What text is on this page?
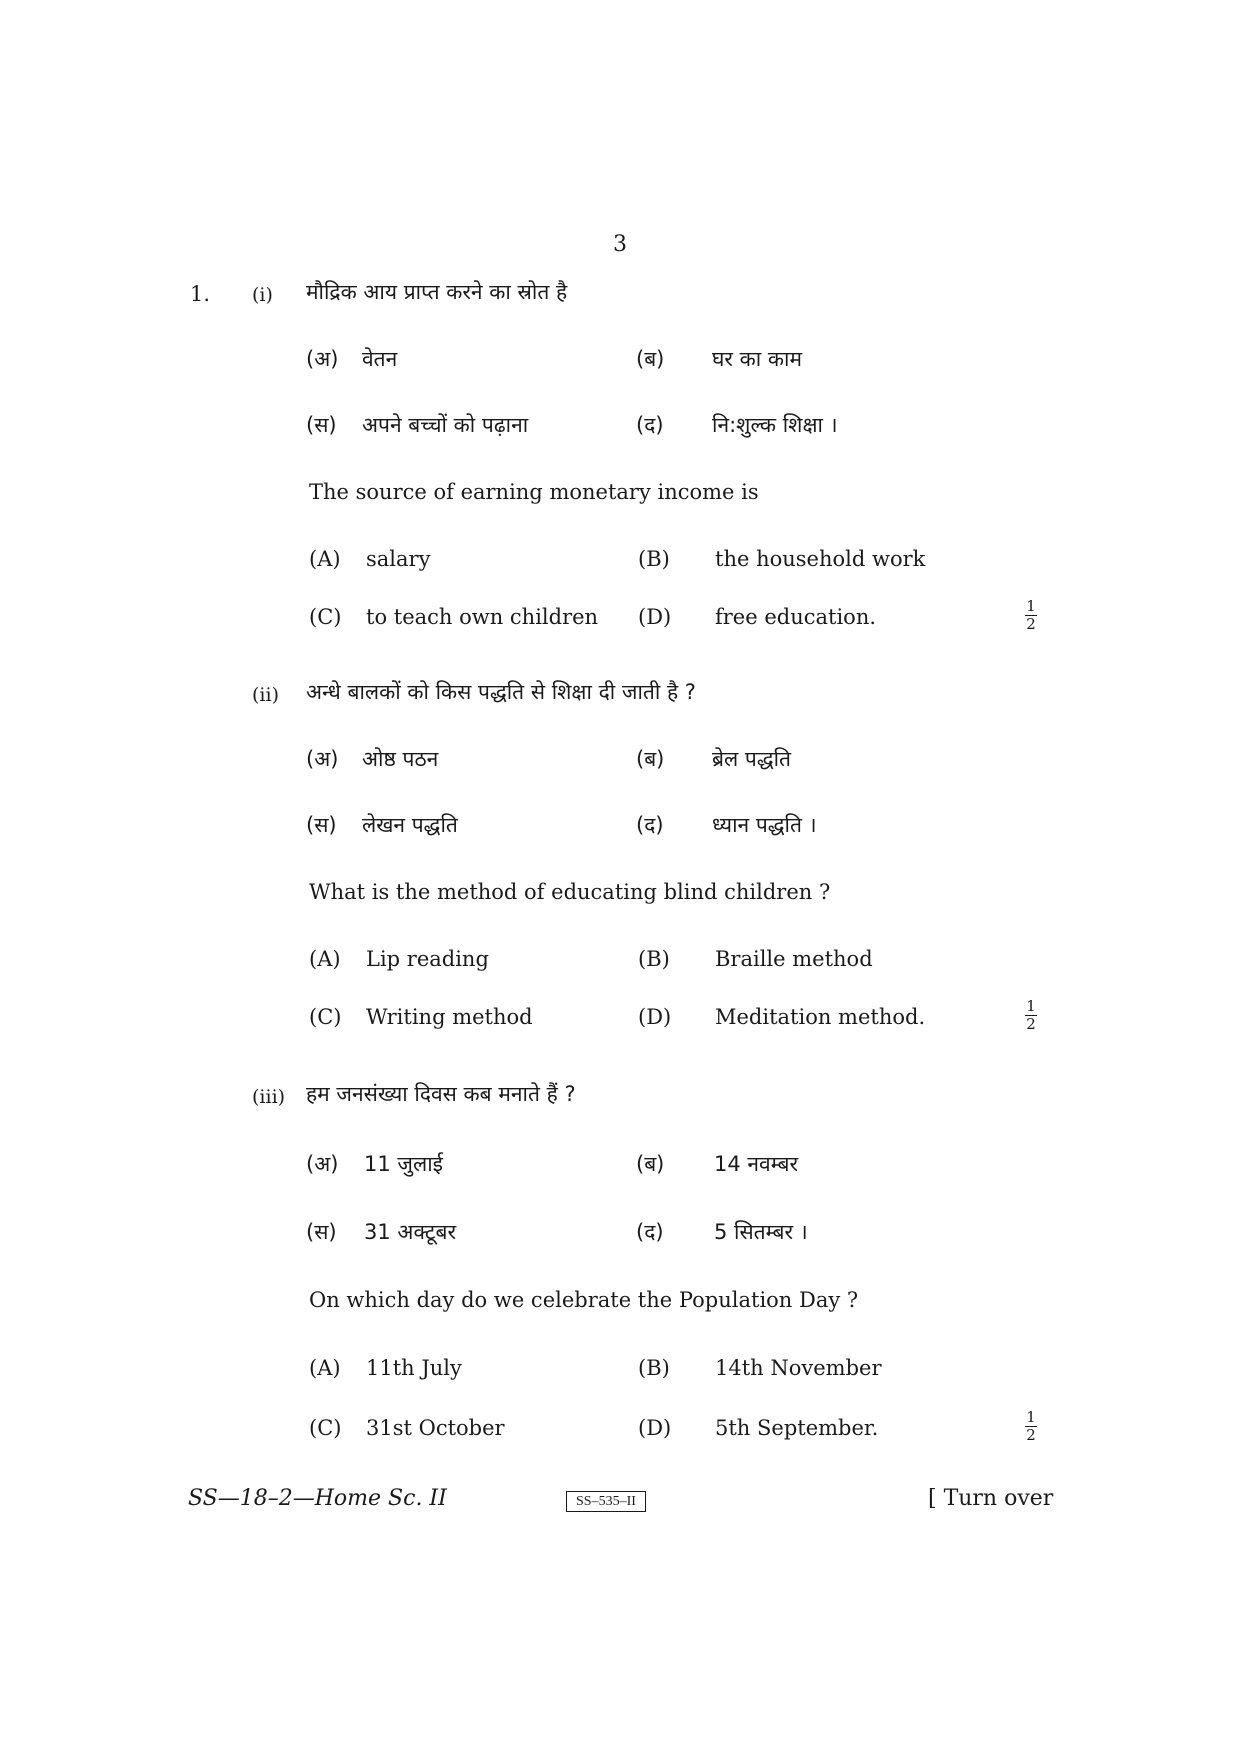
3
1. (i) मौद्रिक आय प्राप्त करने का स्रोत है
(अ) वेतन	(ब) घर का काम
(स) अपने बच्चों को पढ़ाना	(द) नि:शुल्क शिक्षा ।
The source of earning monetary income is
(A) salary	(B) the household work
(C) to teach own children (D) free education.	1
2
(ii) अन्धे बालकों को किस पद्धति से शिक्षा दी जाती है ?
(अ) ओष्ठ पठन	(ब) ब्रेल पद्धति
(स) लेखन पद्धति	(द) ध्यान पद्धति ।
What is the method of educating blind children ?
(A) Lip reading	(B) Braille method
(C) Writing method	(D) Meditation method.	1
2
(iii) हम जनसंख्या दिवस कब मनाते हैं ?
(अ) 11 जुलाई	(ब) 14 नवम्बर
(स) 31 अक्टूबर	(द) 5 सितम्बर ।
On which day do we celebrate the Population Day ?
(A) 11th July	(B) 14th November
(C) 31st October	(D) 5th September.	1
2
SS—18–2—Home Sc. II	SS–535–II	[ Turn over
